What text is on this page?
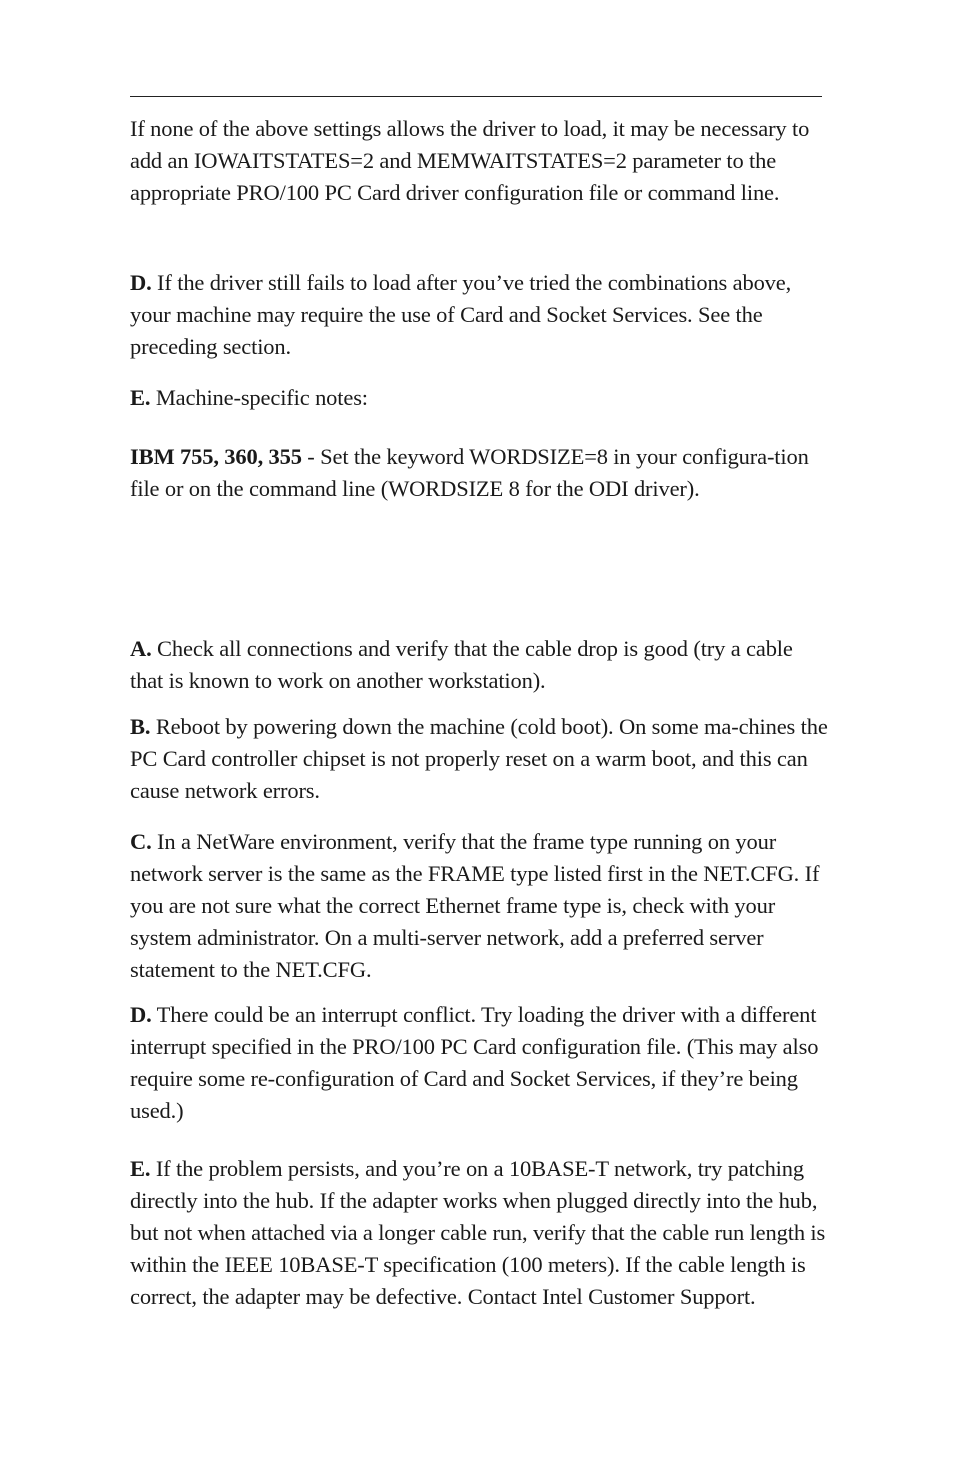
If none of the above settings allows the driver to load, it may be necessary to add an IOWAITSTATES=2 and MEMWAITSTATES=2 parameter to the appropriate PRO/100 PC Card driver configuration file or command line.

D. If the driver still fails to load after you’ve tried the combinations above, your machine may require the use of Card and Socket Services. See the preceding section.

E. Machine-specific notes:

IBM 755, 360, 355 - Set the keyword WORDSIZE=8 in your configura-tion file or on the command line (WORDSIZE 8 for the ODI driver).

A. Check all connections and verify that the cable drop is good (try a cable that is known to work on another workstation).

B. Reboot by powering down the machine (cold boot). On some ma-chines the PC Card controller chipset is not properly reset on a warm boot, and this can cause network errors.

C. In a NetWare environment, verify that the frame type running on your network server is the same as the FRAME type listed first in the NET.CFG. If you are not sure what the correct Ethernet frame type is, check with your system administrator. On a multi-server network, add a preferred server statement to the NET.CFG.

D. There could be an interrupt conflict. Try loading the driver with a different interrupt specified in the PRO/100 PC Card configuration file. (This may also require some re-configuration of Card and Socket Services, if they’re being used.)

E. If the problem persists, and you’re on a 10BASE-T network, try patching directly into the hub. If the adapter works when plugged directly into the hub, but not when attached via a longer cable run, verify that the cable run length is within the IEEE 10BASE-T specification (100 meters). If the cable length is correct, the adapter may be defective. Contact Intel Customer Support.
